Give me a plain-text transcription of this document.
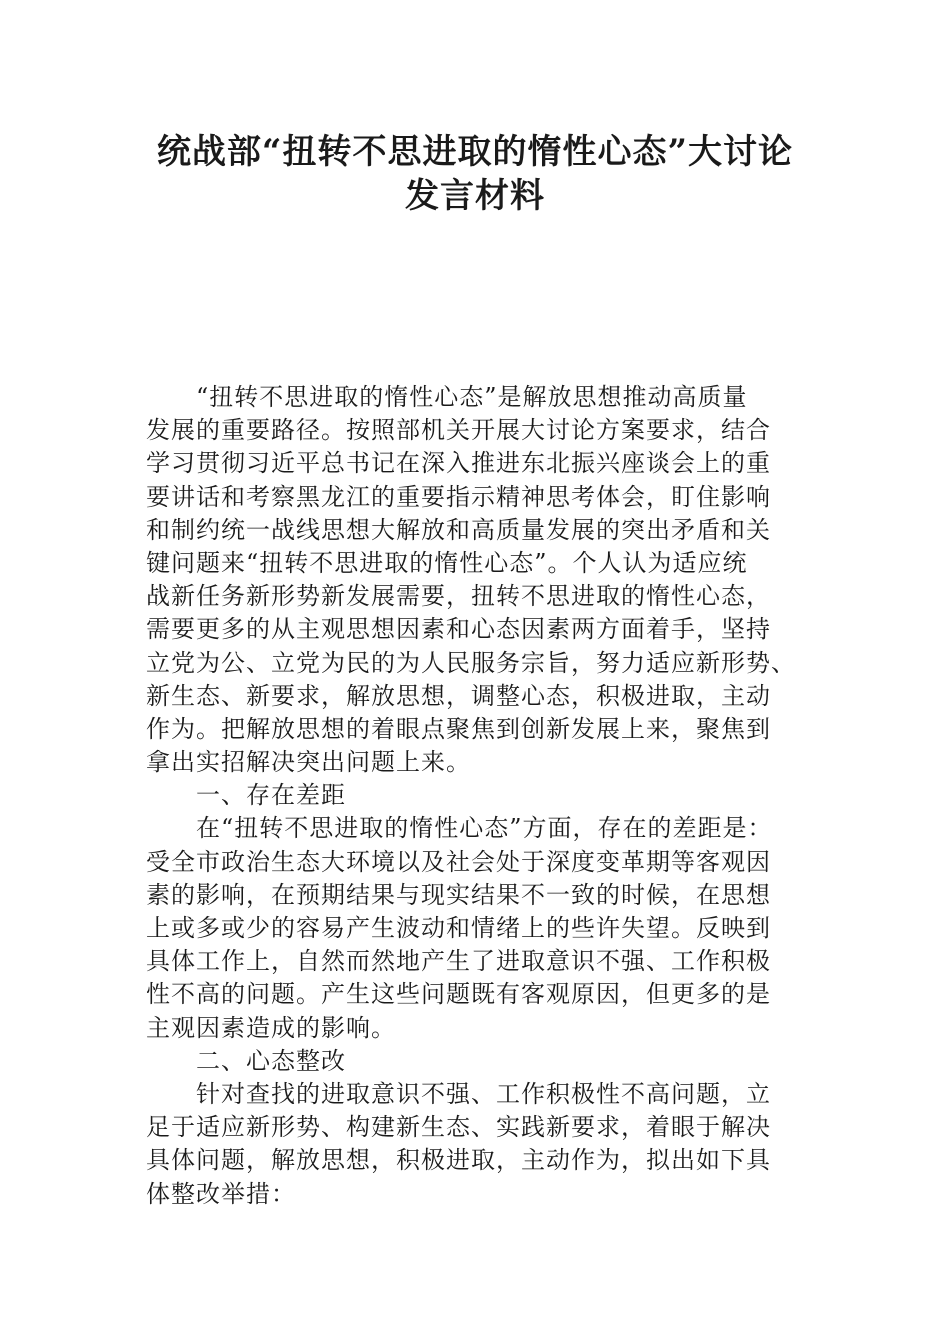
统战部“扭转不思进取的惰性心态”大讨论
发言材料
“扭转不思进取的惰性心态”是解放思想推动高质量
发展的重要路径。按照部机关开展大讨论方案要求，结合
学习贯彻习近平总书记在深入推进东北振兴座谈会上的重
要讲话和考察黑龙江的重要指示精神思考体会，盯住影响
和制约统一战线思想大解放和高质量发展的突出矛盾和关
键问题来“扭转不思进取的惰性心态”。个人认为适应统
战新任务新形势新发展需要，扭转不思进取的惰性心态，
需要更多的从主观思想因素和心态因素两方面着手，坚持
立党为公、立党为民的为人民服务宗旨，努力适应新形势、
新生态、新要求，解放思想，调整心态，积极进取，主动
作为。把解放思想的着眼点聚焦到创新发展上来，聚焦到
拿出实招解决突出问题上来。
一、存在差距
在“扭转不思进取的惰性心态”方面，存在的差距是：
受全市政治生态大环境以及社会处于深度变革期等客观因
素的影响，在预期结果与现实结果不一致的时候，在思想
上或多或少的容易产生波动和情绪上的些许失望。反映到
具体工作上，自然而然地产生了进取意识不强、工作积极
性不高的问题。产生这些问题既有客观原因，但更多的是
主观因素造成的影响。
二、心态整改
针对查找的进取意识不强、工作积极性不高问题，立
足于适应新形势、构建新生态、实践新要求，着眼于解决
具体问题，解放思想，积极进取，主动作为，拟出如下具
体整改举措：
